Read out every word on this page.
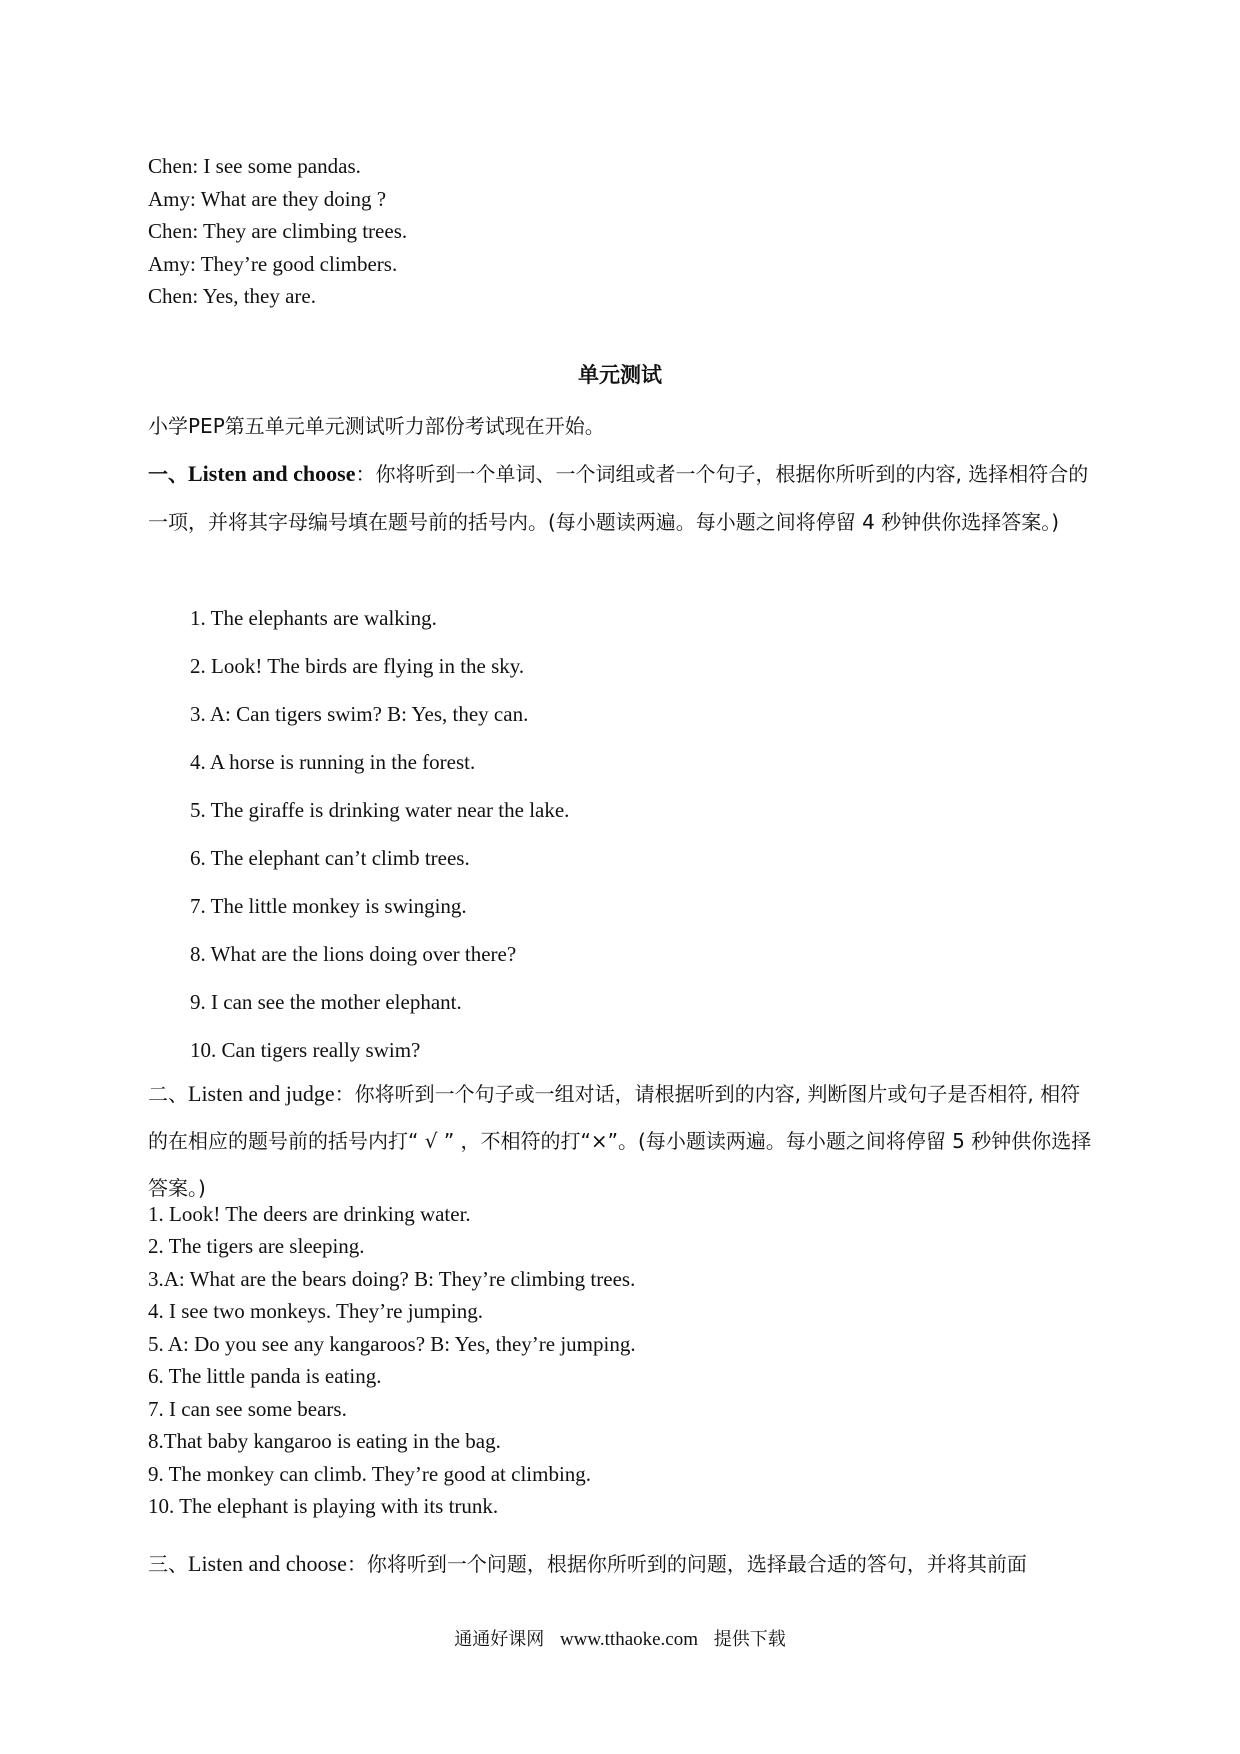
Chen: I see some pandas.
Amy: What are they doing ?
Chen: They are climbing trees.
Amy: They’re good climbers.
Chen: Yes, they are.
单元测试
小学PEP第五单元单元测试听力部份考试现在开始。
一、Listen and choose：你将听到一个单词、一个词组或者一个句子，根据你所听到的内容, 选择相符合的一项，并将其字母编号填在题号前的括号内。(每小题读两遍。每小题之间将停留 4 秒钟供你选择答案。)
1. The elephants are walking.
2. Look! The birds are flying in the sky.
3. A: Can tigers swim? B: Yes, they can.
4. A horse is running in the forest.
5. The giraffe is drinking water near the lake.
6. The elephant can’t climb trees.
7. The little monkey is swinging.
8. What are the lions doing over there?
9. I can see the mother elephant.
10. Can tigers really swim?
二、Listen and judge：你将听到一个句子或一组对话，请根据听到的内容, 判断图片或句子是否相符, 相符的在相应的题号前的括号内打“ √ ” ，不相符的打“×”。(每小题读两遍。每小题之间将停留 5 秒钟供你选择答案。)
1. Look! The deers are drinking water.
2. The tigers are sleeping.
3.A: What are the bears doing? B: They’re climbing trees.
4. I see two monkeys. They’re jumping.
5. A: Do you see any kangaroos? B: Yes, they’re jumping.
6. The little panda is eating.
7. I can see some bears.
8.That baby kangaroo is eating in the bag.
9. The monkey can climb. They’re good at climbing.
10. The elephant is playing with its trunk.
三、Listen and choose：你将听到一个问题，根据你所听到的问题，选择最合适的答句，并将其前面
通通好课网 www.tthaoke.com 提供下载
